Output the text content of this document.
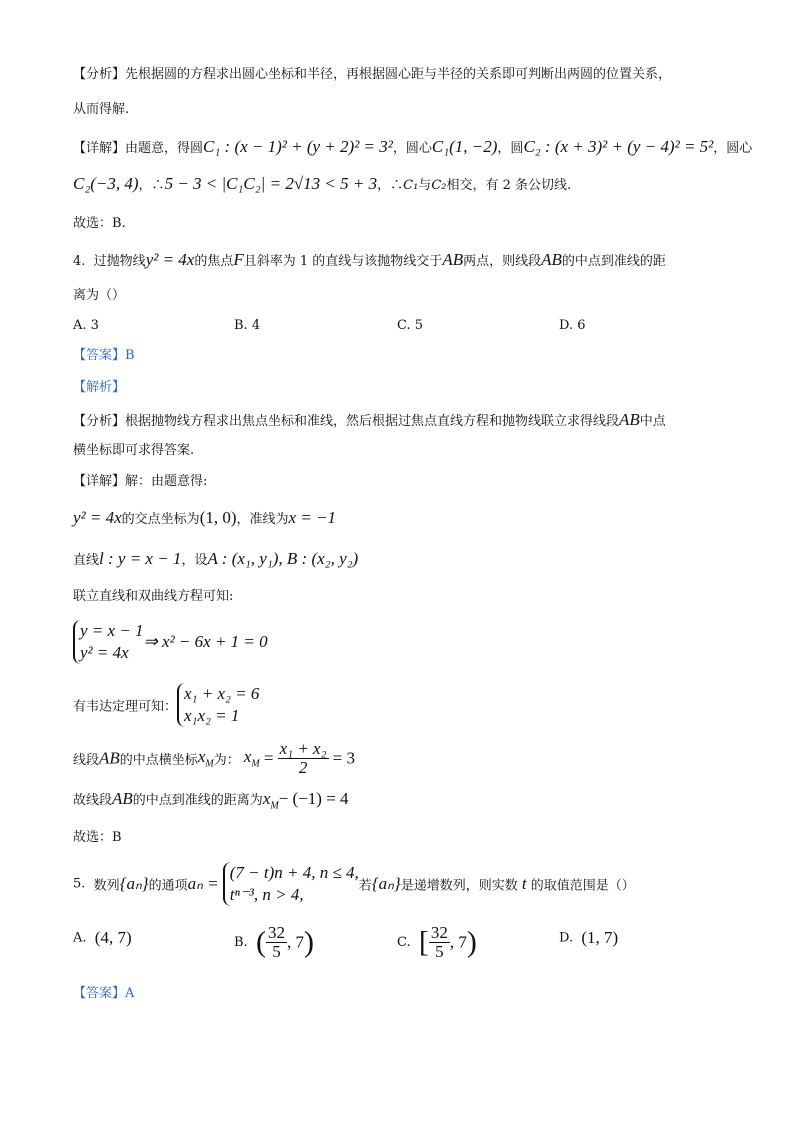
【分析】先根据圆的方程求出圆心坐标和半径，再根据圆心距与半径的关系即可判断出两圆的位置关系，
从而得解.
【详解】由题意，得圆C₁ : (x − 1)² + (y + 2)² = 3²，圆心C₁(1, −2)，圆C₂ : (x + 3)² + (y − 4)² = 5²，圆心
C₂(−3, 4)，∴5 − 3 < |C₁C₂| = 2√13 < 5 + 3，∴C₁与C₂相交，有 2 条公切线.
故选：B.
4. 过抛物线y² = 4x的焦点F且斜率为 1 的直线与该抛物线交于AB两点，则线段AB的中点到准线的距
离为（）
A. 3	B. 4	C. 5	D. 6
【答案】B
【解析】
【分析】根据抛物线方程求出焦点坐标和准线，然后根据过焦点直线方程和抛物线联立求得线段AB中点
横坐标即可求得答案.
【详解】解：由题意得:
y² = 4x的交点坐标为(1, 0)，准线为x = −1
直线l : y = x − 1，设A : (x₁, y₁), B : (x₂, y₂)
联立直线和双曲线方程可知:
y = x − 1
y² = 4x
⇒ x² − 6x + 1 = 0
有韦达定理可知：
x₁ + x₂ = 6
x₁x₂ = 1
线段AB的中点横坐标$x_M$为： $x_M = \frac{\text{x₁ + x₂}}{2} = 3$
故线段AB的中点到准线的距离为$x_M- (-1) = 4$
故选：B
5. 数列{aₙ}的通项aₙ =
(7 − t)n + 4, n ≤ 4,
tⁿ⁻³, n > 4,	若{aₙ}是递增数列，则实数 t 的取值范围是（）
A. (4, 7)	B. ( $\frac{32}{5}$ , 7)	C. [ $\frac{32}{5}$ , 7)	D. (1, 7)
【答案】A
